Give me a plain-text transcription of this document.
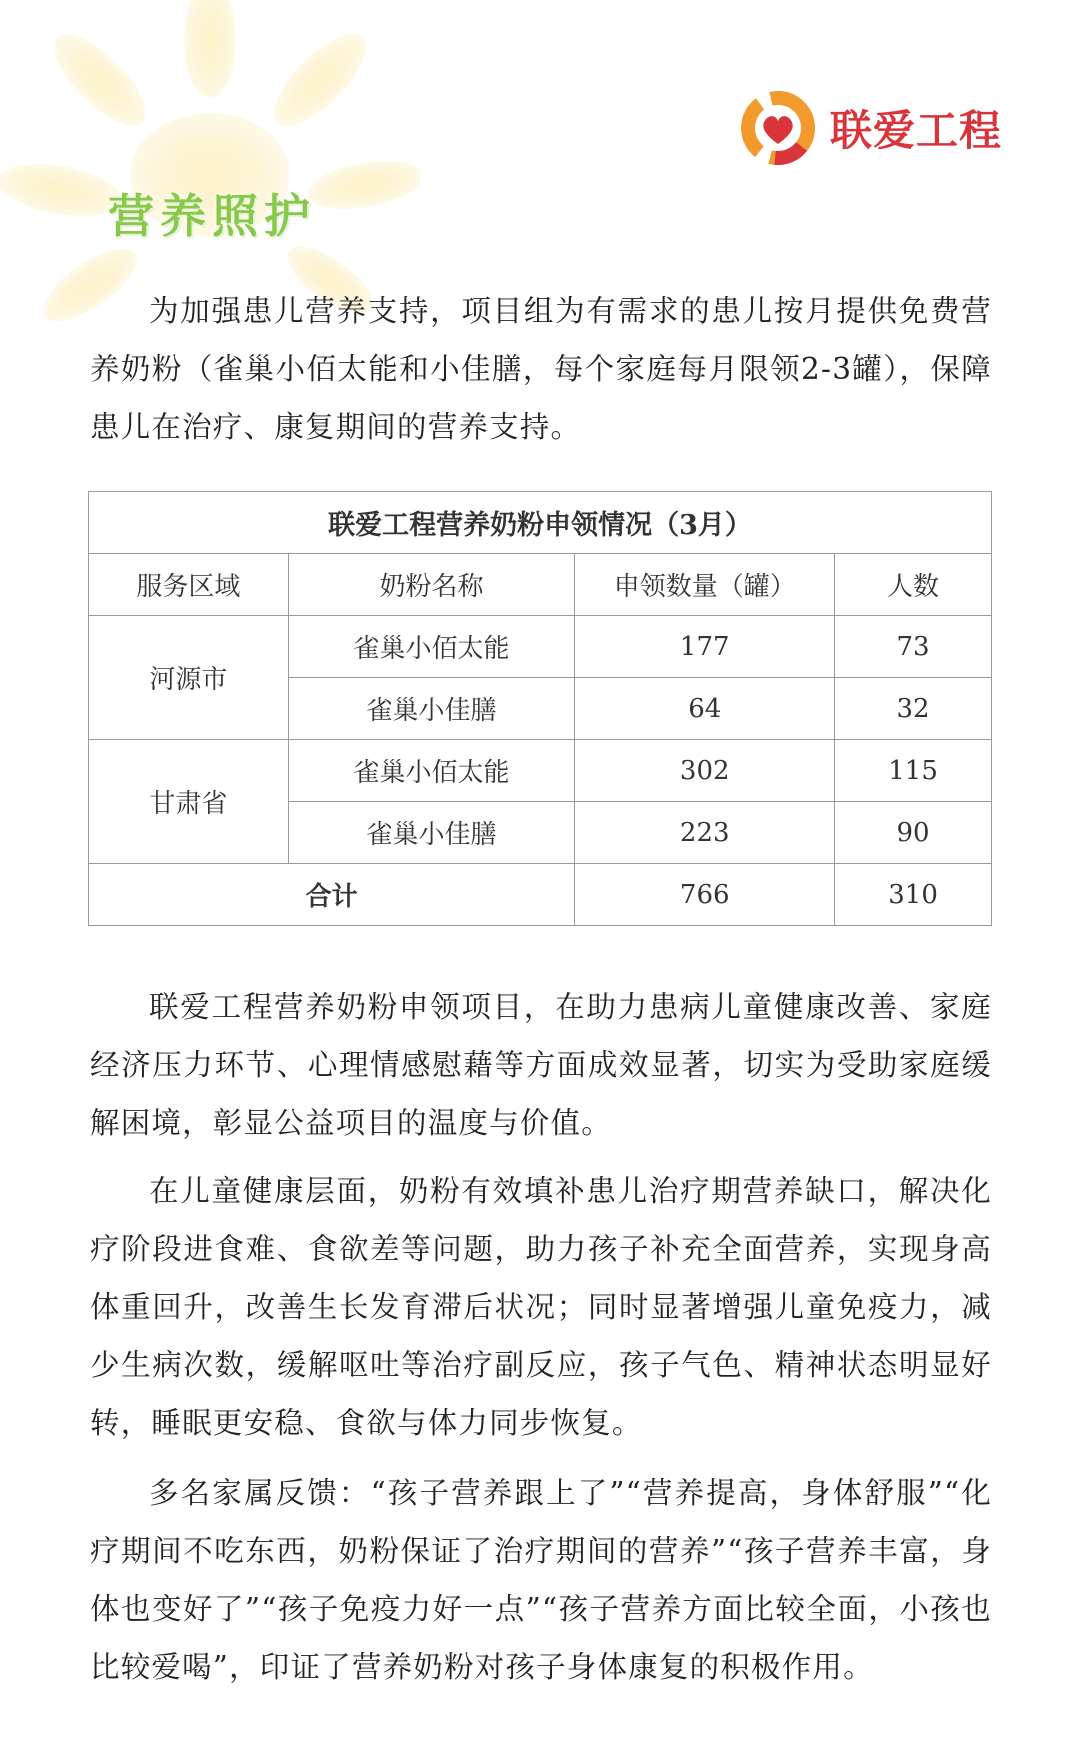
联爱工程
营养照护

为加强患儿营养支持，项目组为有需求的患儿按月提供免费营养奶粉（雀巢小佰太能和小佳膳，每个家庭每月限领2-3罐），保障患儿在治疗、康复期间的营养支持。

联爱工程营养奶粉申领情况（3月）			
服务区域	奶粉名称	申领数量（罐）	人数
河源市	雀巢小佰太能	177	73
	雀巢小佳膳	64	32
甘肃省	雀巢小佰太能	302	115
	雀巢小佳膳	223	90
合计		766	310

联爱工程营养奶粉申领项目，在助力患病儿童健康改善、家庭经济压力环节、心理情感慰藉等方面成效显著，切实为受助家庭缓解困境，彰显公益项目的温度与价值。

在儿童健康层面，奶粉有效填补患儿治疗期营养缺口，解决化疗阶段进食难、食欲差等问题，助力孩子补充全面营养，实现身高体重回升，改善生长发育滞后状况；同时显著增强儿童免疫力，减少生病次数，缓解呕吐等治疗副反应，孩子气色、精神状态明显好转，睡眠更安稳、食欲与体力同步恢复。

多名家属反馈：“孩子营养跟上了”“营养提高，身体舒服”“化疗期间不吃东西，奶粉保证了治疗期间的营养”“孩子营养丰富，身体也变好了”“孩子免疫力好一点”“孩子营养方面比较全面，小孩也比较爱喝”，印证了营养奶粉对孩子身体康复的积极作用。
